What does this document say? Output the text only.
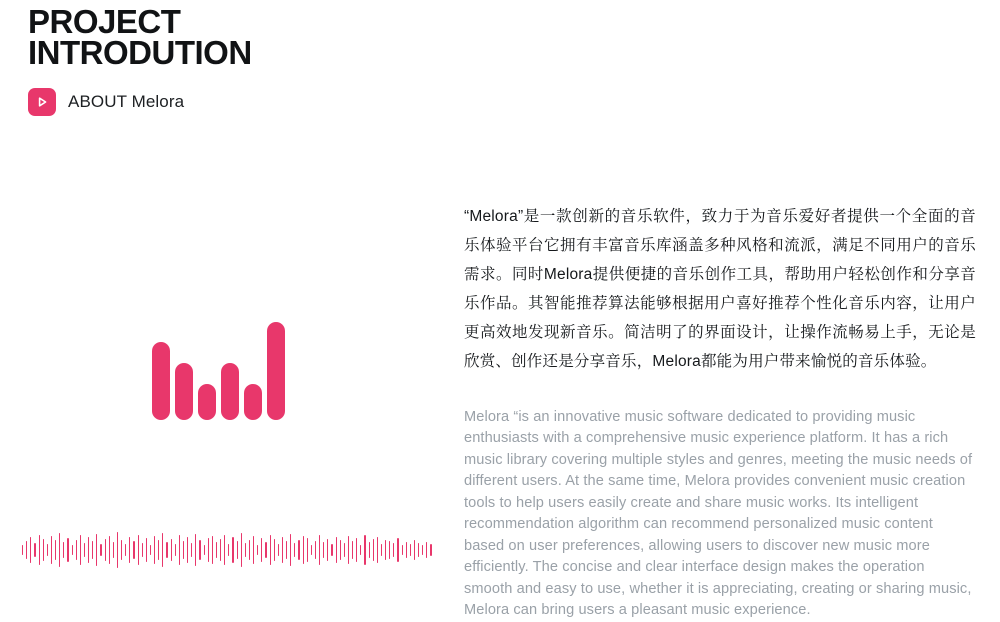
PROJECT
INTRODUTION
ABOUT Melora

“Melora”是一款创新的音乐软件，致力于为音乐爱好者提供一个全面的音乐体验平台它拥有丰富音乐库涵盖多种风格和流派，满足不同用户的音乐需求。同时Melora提供便捷的音乐创作工具，帮助用户轻松创作和分享音乐作品。其智能推荐算法能够根据用户喜好推荐个性化音乐内容，让用户更高效地发现新音乐。简洁明了的界面设计，让操作流畅易上手，无论是欣赏、创作还是分享音乐，Melora都能为用户带来愉悦的音乐体验。

Melora “is an innovative music software dedicated to providing music enthusiasts with a comprehensive music experience platform. It has a rich music library covering multiple styles and genres, meeting the music needs of different users. At the same time, Melora provides convenient music creation tools to help users easily create and share music works. Its intelligent recommendation algorithm can recommend personalized music content based on user preferences, allowing users to discover new music more efficiently. The concise and clear interface design makes the operation smooth and easy to use, whether it is appreciating, creating or sharing music, Melora can bring users a pleasant music experience.
